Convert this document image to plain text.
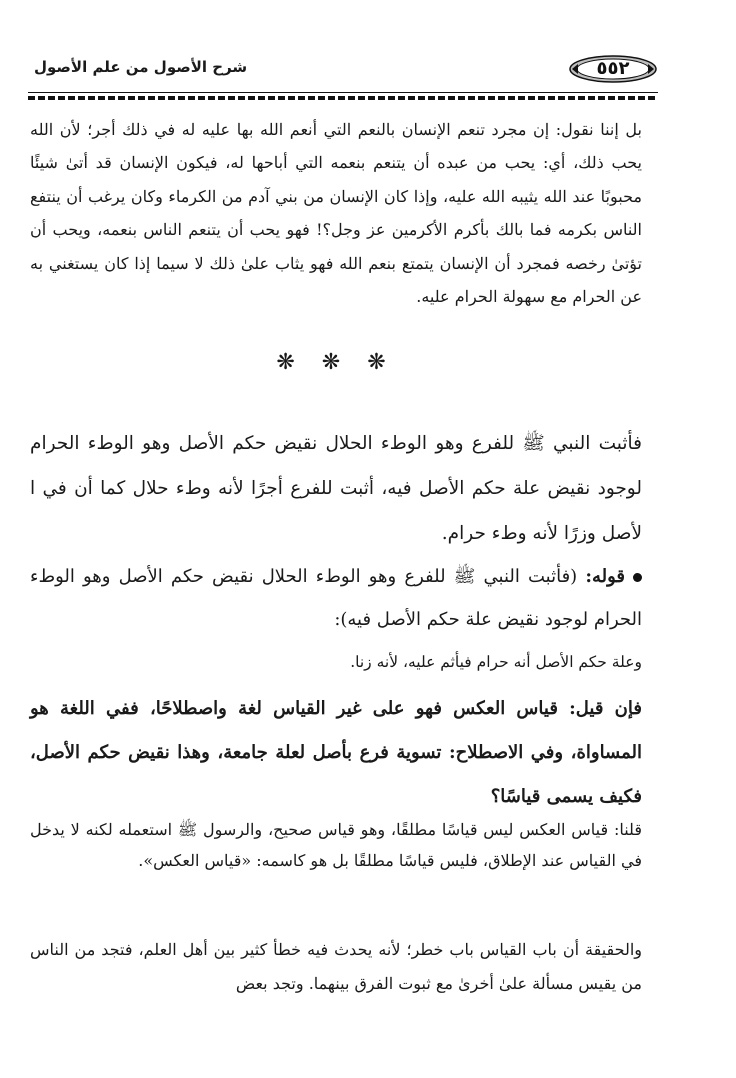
شرح الأصول من علم الأصول	٥٥٢

بل إننا نقول: إن مجرد تنعم الإنسان بالنعم التي أنعم الله بها عليه له في ذلك أجر؛ لأن الله يحب ذلك، أي: يحب من عبده أن يتنعم بنعمه التي أباحها له، فيكون الإنسان قد أتىٰ شيئًا محبوبًا عند الله يثيبه الله عليه، وإذا كان الإنسان من بني آدم من الكرماء وكان يرغب أن ينتفع الناس بكرمه فما بالك بأكرم الأكرمين عز وجل؟! فهو يحب أن يتنعم الناس بنعمه، ويحب أن تؤتىٰ رخصه فمجرد أن الإنسان يتمتع بنعم الله فهو يثاب علىٰ ذلك لا سيما إذا كان يستغني به عن الحرام مع سهولة الحرام عليه.

❋ ❋ ❋

فأثبت النبي ﷺ للفرع وهو الوطء الحلال نقيض حكم الأصل وهو الوطء الحرام لوجود نقيض علة حكم الأصل فيه، أثبت للفرع أجرًا لأنه وطء حلال كما أن في ا لأصل وزرًا لأنه وطء حرام.

قوله: (فأثبت النبي ﷺ للفرع وهو الوطء الحلال نقيض حكم الأصل وهو الوطء الحرام لوجود نقيض علة حكم الأصل فيه):

وعلة حكم الأصل أنه حرام فيأثم عليه، لأنه زنا.

فإن قيل: قياس العكس فهو على غير القياس لغة واصطلاحًا، ففي اللغة هو المساواة، وفي الاصطلاح: تسوية فرع بأصل لعلة جامعة، وهذا نقيض حكم الأصل، فكيف يسمى قياسًا؟

قلنا: قياس العكس ليس قياسًا مطلقًا، وهو قياس صحيح، والرسول ﷺ استعمله لكنه لا يدخل في القياس عند الإطلاق، فليس قياسًا مطلقًا بل هو كاسمه: «قياس العكس».

والحقيقة أن باب القياس باب خطر؛ لأنه يحدث فيه خطأ كثير بين أهل العلم، فتجد من الناس من يقيس مسألة علىٰ أخرىٰ مع ثبوت الفرق بينهما. وتجد بعض
